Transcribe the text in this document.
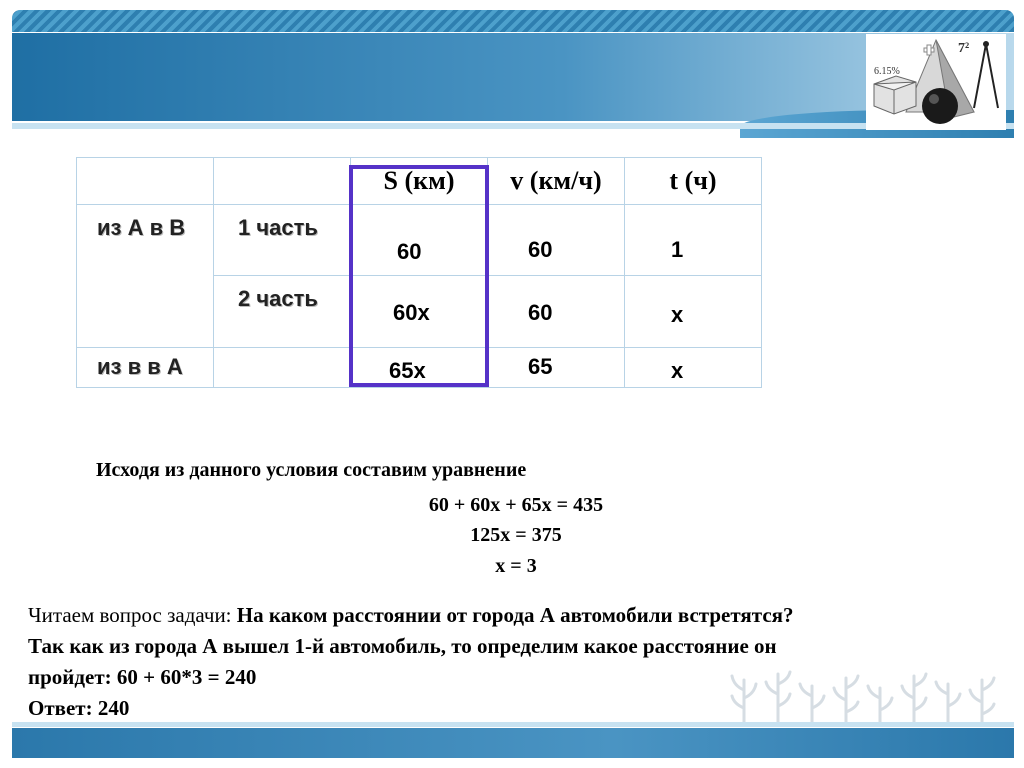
6.15%
7²
		S (км)	v (км/ч)	t (ч)

из А в В	1 часть	60	60	1

	2 часть	60x	60	x

из в в А		65x	65	x
Исходя из данного условия составим уравнение
60 + 60x + 65x = 435
125x = 375
x = 3
Читаем вопрос задачи: На каком расстоянии от города А автомобили встретятся?
Так как из города А вышел 1-й автомобиль, то определим какое расстояние он
пройдет: 60 + 60*3 = 240
Ответ: 240
